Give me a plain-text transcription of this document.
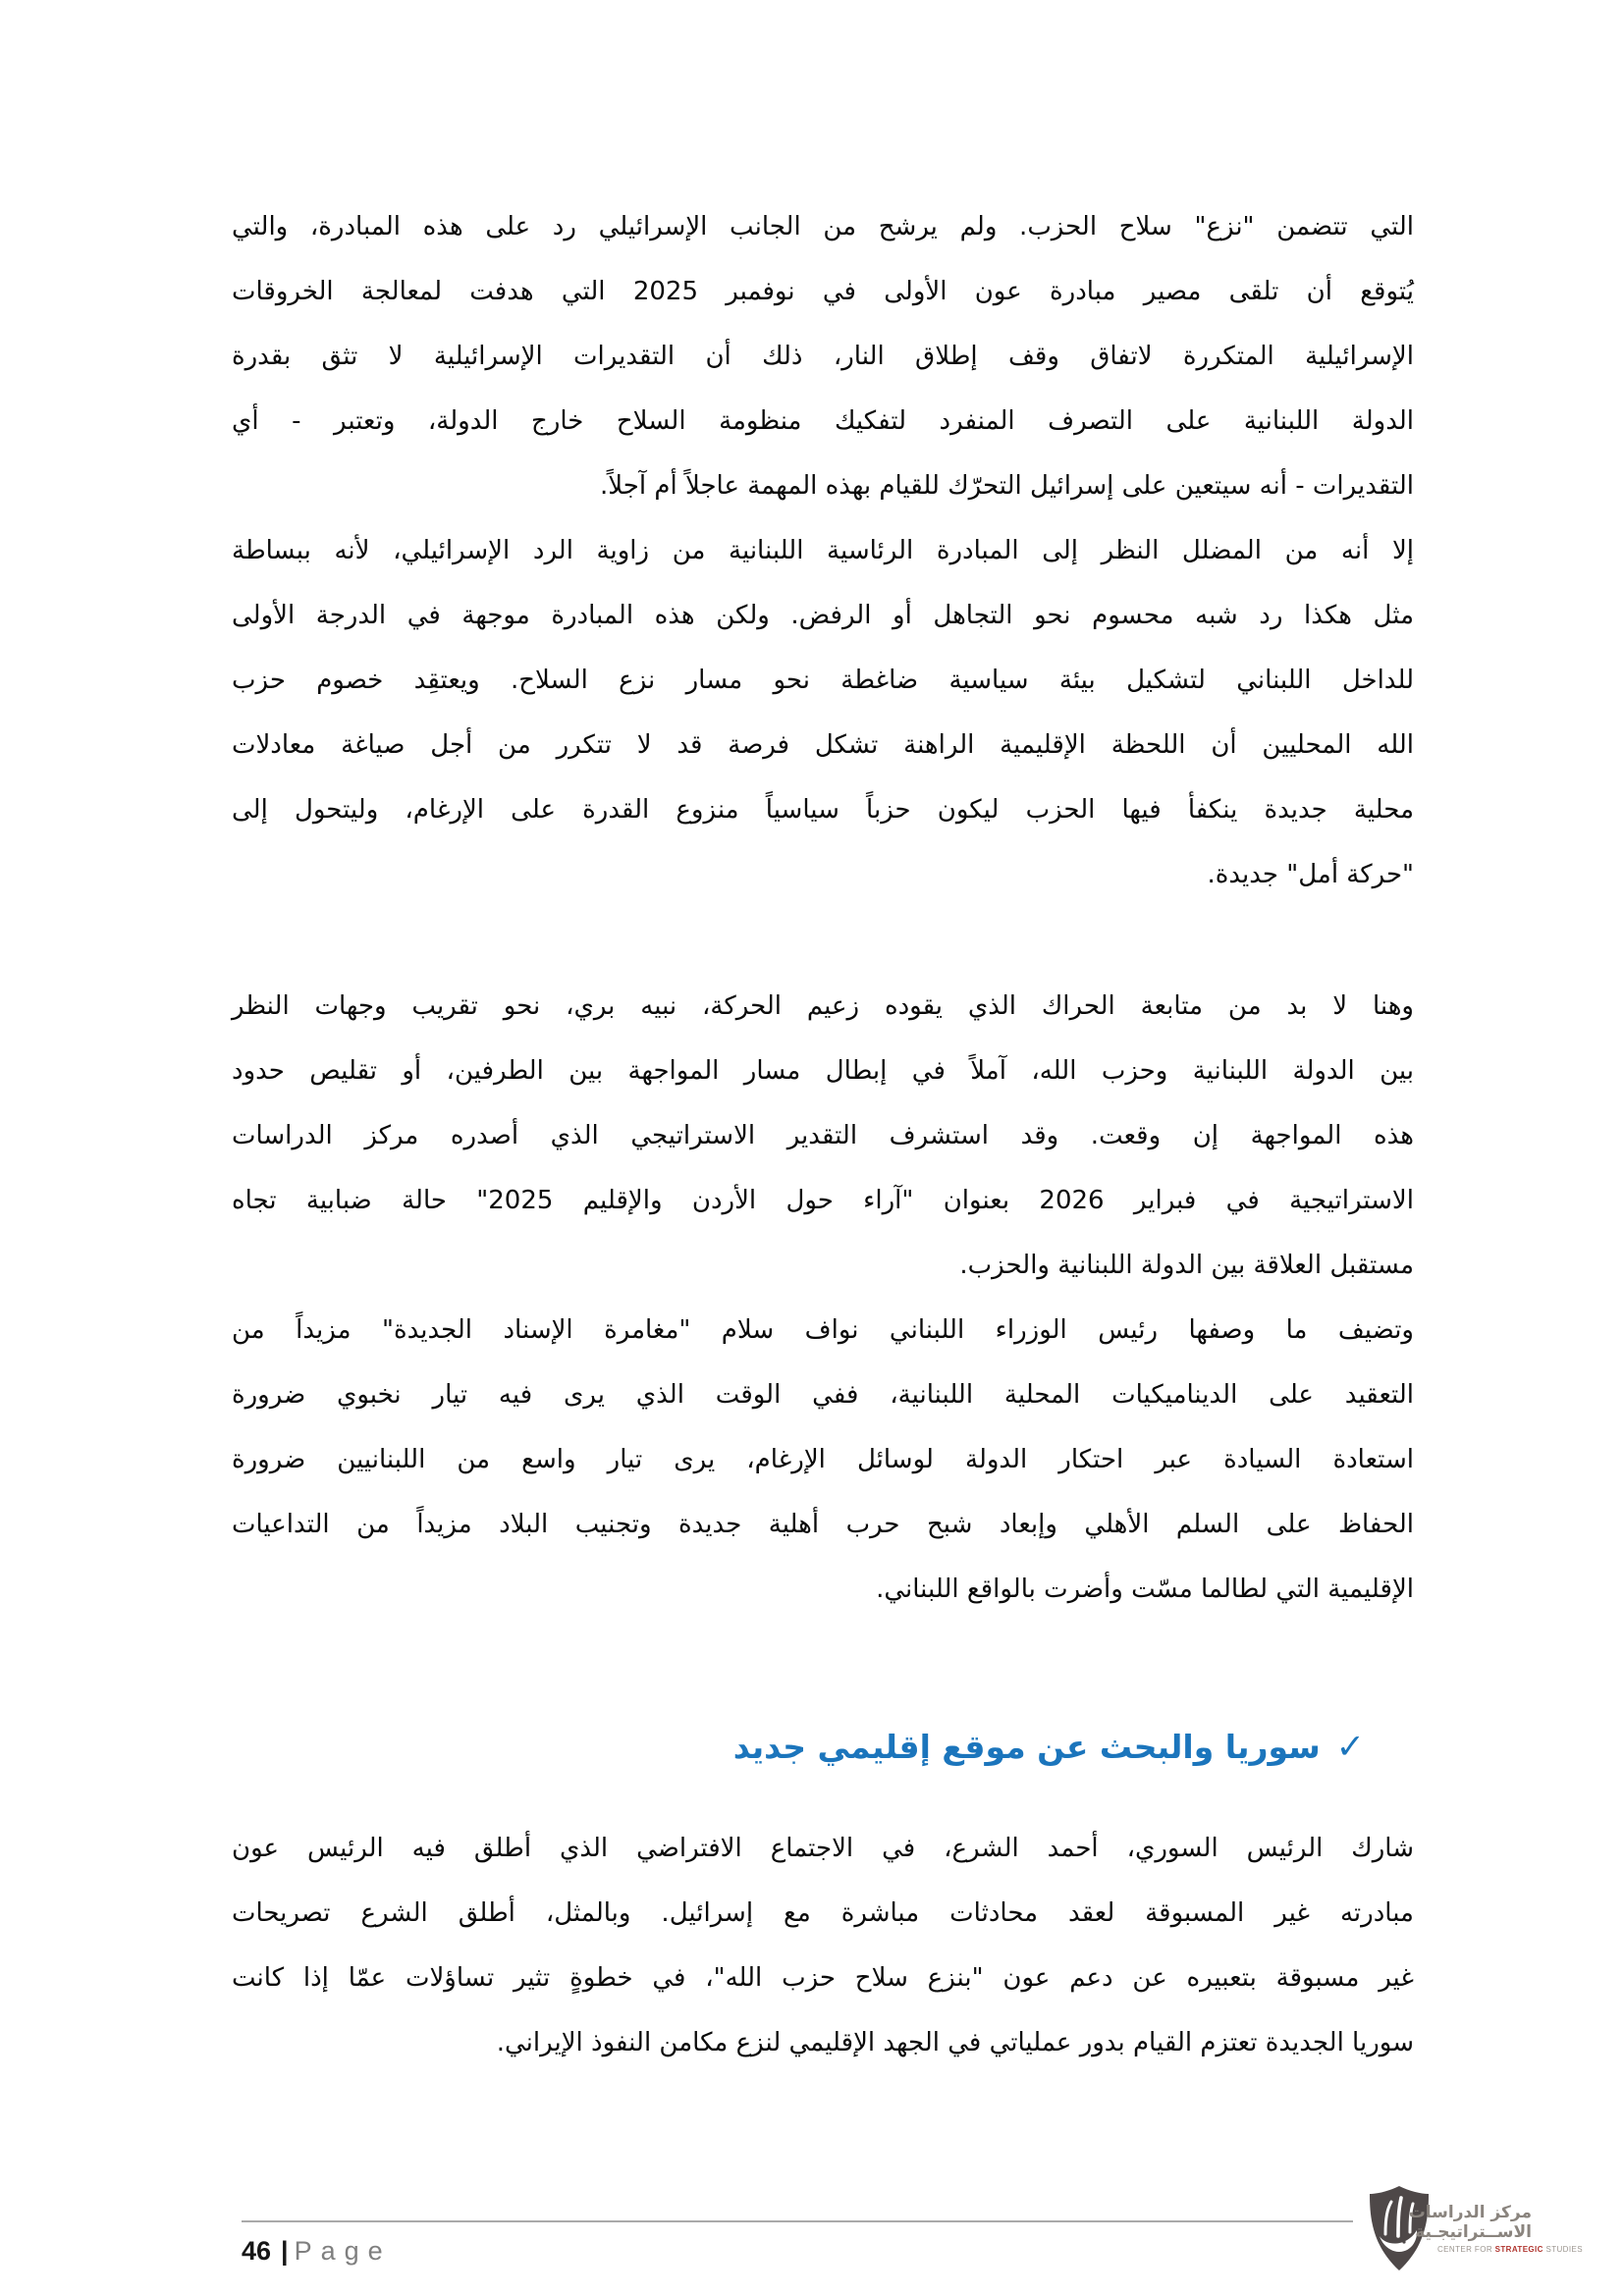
التي تتضمن "نزع" سلاح الحزب. ولم يرشح من الجانب الإسرائيلي رد على هذه المبادرة، والتي
يُتوقع أن تلقى مصير مبادرة عون الأولى في نوفمبر 2025 التي هدفت لمعالجة الخروقات
الإسرائيلية المتكررة لاتفاق وقف إطلاق النار، ذلك أن التقديرات الإسرائيلية لا تثق بقدرة
الدولة اللبنانية على التصرف المنفرد لتفكيك منظومة السلاح خارج الدولة، وتعتبر - أي
التقديرات - أنه سيتعين على إسرائيل التحرّك للقيام بهذه المهمة عاجلاً أم آجلاً.
إلا أنه من المضلل النظر إلى المبادرة الرئاسية اللبنانية من زاوية الرد الإسرائيلي، لأنه ببساطة
مثل هكذا رد شبه محسوم نحو التجاهل أو الرفض. ولكن هذه المبادرة موجهة في الدرجة الأولى
للداخل اللبناني لتشكيل بيئة سياسية ضاغطة نحو مسار نزع السلاح. ويعتقِد خصوم حزب
الله المحليين أن اللحظة الإقليمية الراهنة تشكل فرصة قد لا تتكرر من أجل صياغة معادلات
محلية جديدة ينكفأ فيها الحزب ليكون حزباً سياسياً منزوع القدرة على الإرغام، وليتحول إلى
"حركة أمل" جديدة.
وهنا لا بد من متابعة الحراك الذي يقوده زعيم الحركة، نبيه بري، نحو تقريب وجهات النظر
بين الدولة اللبنانية وحزب الله، آملاً في إبطال مسار المواجهة بين الطرفين، أو تقليص حدود
هذه المواجهة إن وقعت. وقد استشرف التقدير الاستراتيجي الذي أصدره مركز الدراسات
الاستراتيجية في فبراير 2026 بعنوان "آراء حول الأردن والإقليم 2025" حالة ضبابية تجاه
مستقبل العلاقة بين الدولة اللبنانية والحزب.
وتضيف ما وصفها رئيس الوزراء اللبناني نواف سلام "مغامرة الإسناد الجديدة" مزيداً من
التعقيد على الديناميكيات المحلية اللبنانية، ففي الوقت الذي يرى فيه تيار نخبوي ضرورة
استعادة السيادة عبر احتكار الدولة لوسائل الإرغام، يرى تيار واسع من اللبنانيين ضرورة
الحفاظ على السلم الأهلي وإبعاد شبح حرب أهلية جديدة وتجنيب البلاد مزيداً من التداعيات
الإقليمية التي لطالما مسّت وأضرت بالواقع اللبناني.
شارك الرئيس السوري، أحمد الشرع، في الاجتماع الافتراضي الذي أطلق فيه الرئيس عون
مبادرته غير المسبوقة لعقد محادثات مباشرة مع إسرائيل. وبالمثل، أطلق الشرع تصريحات
غير مسبوقة بتعبيره عن دعم عون "بنزع سلاح حزب الله"، في خطوةٍ تثير تساؤلات عمّا إذا كانت
سوريا الجديدة تعتزم القيام بدور عملياتي في الجهد الإقليمي لنزع مكامن النفوذ الإيراني.
✓سوريا والبحث عن موقع إقليمي جديد
46 | Page
مركز الدراسات
الاســتراتيجـية
CENTER FOR STRATEGIC STUDIES
